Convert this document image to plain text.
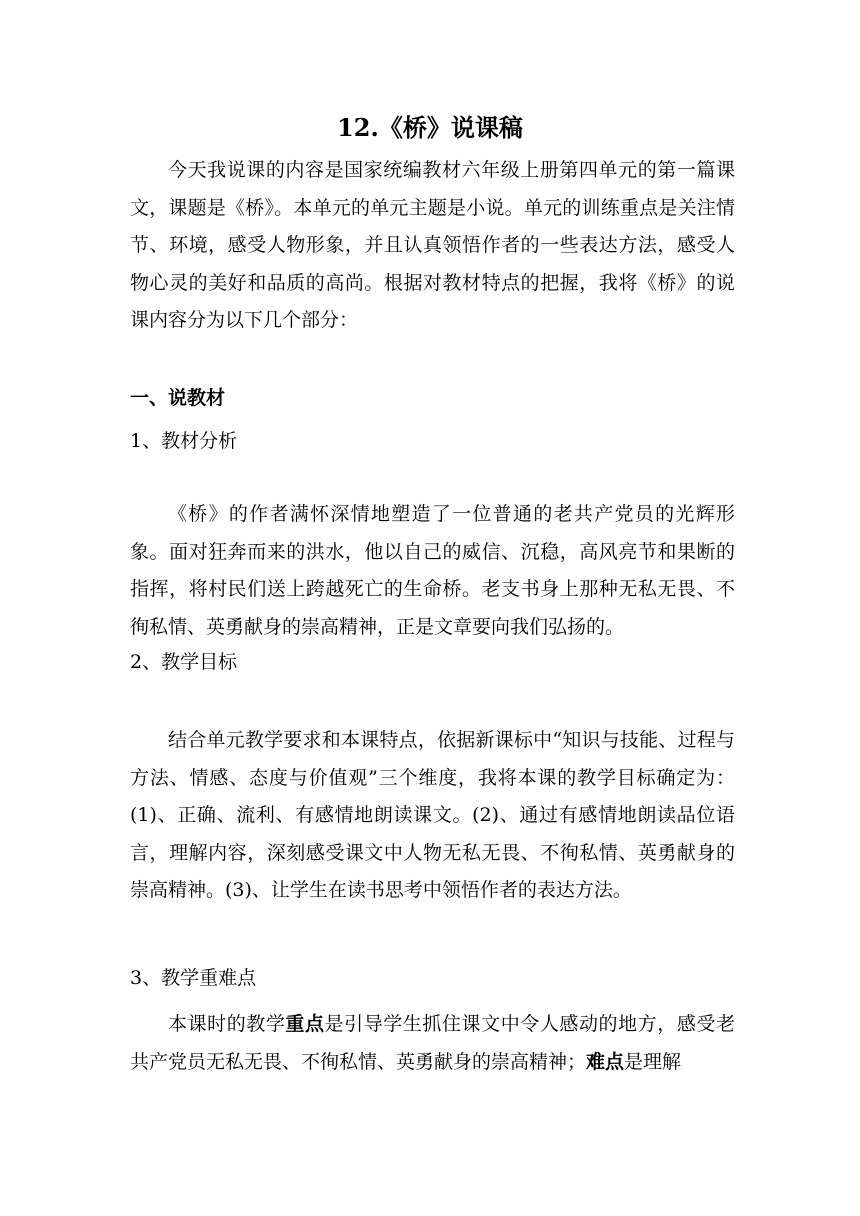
12.《桥》说课稿

今天我说课的内容是国家统编教材六年级上册第四单元的第一篇课文，课题是《桥》。本单元的单元主题是小说。单元的训练重点是关注情节、环境，感受人物形象，并且认真领悟作者的一些表达方法，感受人物心灵的美好和品质的高尚。根据对教材特点的把握，我将《桥》的说课内容分为以下几个部分：

一、说教材
1、教材分析

《桥》的作者满怀深情地塑造了一位普通的老共产党员的光辉形象。面对狂奔而来的洪水，他以自己的威信、沉稳，高风亮节和果断的指挥，将村民们送上跨越死亡的生命桥。老支书身上那种无私无畏、不徇私情、英勇献身的崇高精神，正是文章要向我们弘扬的。

2、教学目标

结合单元教学要求和本课特点，依据新课标中“知识与技能、过程与方法、情感、态度与价值观”三个维度，我将本课的教学目标确定为：(1)、正确、流利、有感情地朗读课文。(2)、通过有感情地朗读品位语言，理解内容，深刻感受课文中人物无私无畏、不徇私情、英勇献身的崇高精神。(3)、让学生在读书思考中领悟作者的表达方法。

3、教学重难点

本课时的教学重点是引导学生抓住课文中令人感动的地方，感受老共产党员无私无畏、不徇私情、英勇献身的崇高精神；难点是理解
